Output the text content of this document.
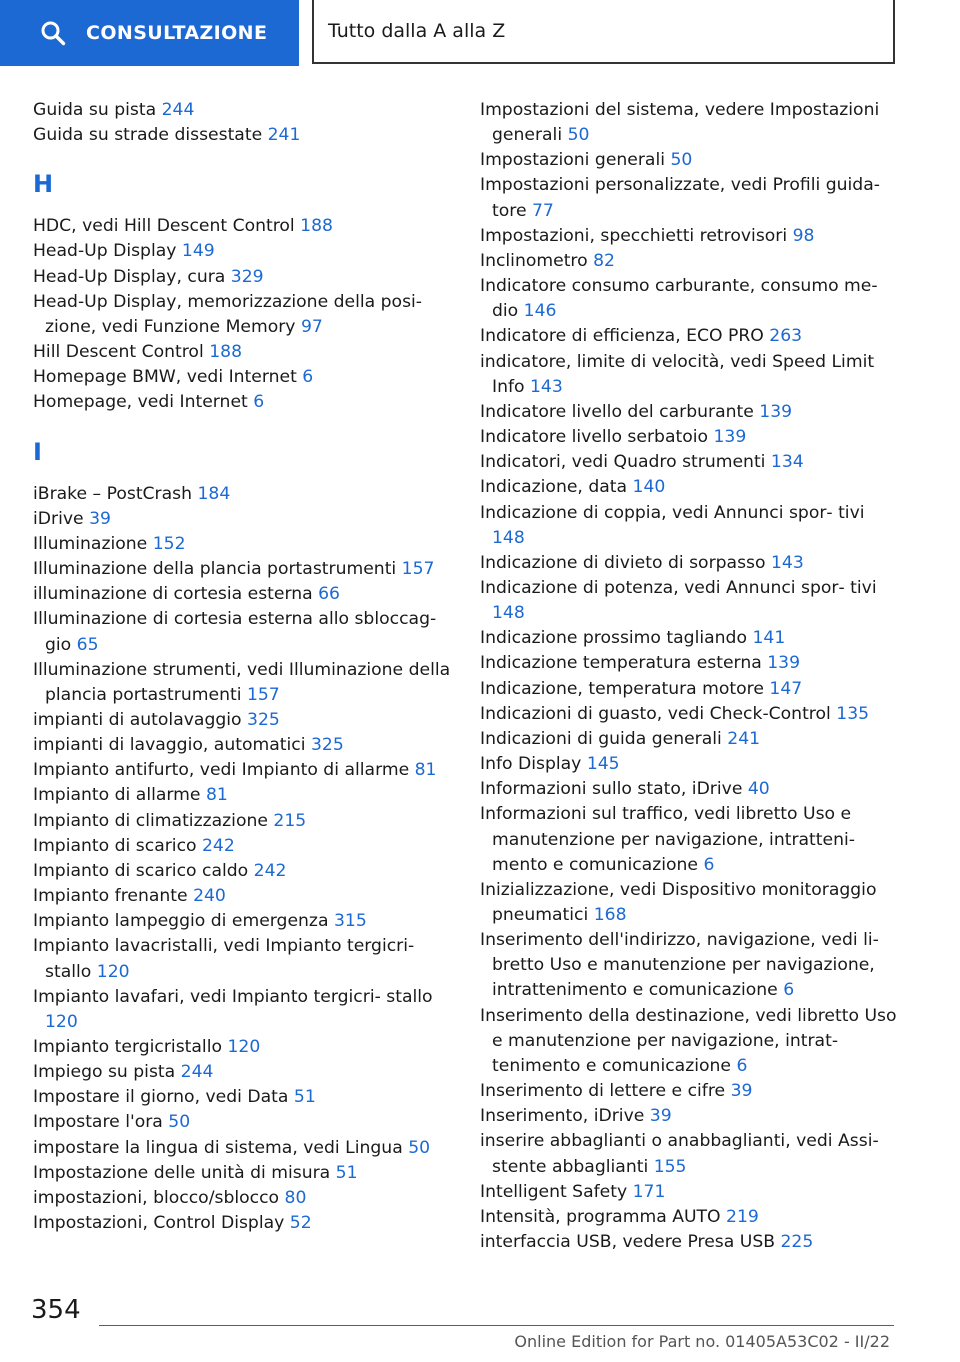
CONSULTAZIONE	Tutto dalla A alla Z
Guida su pista 244
Guida su strade dissestate 241
H
HDC, vedi Hill Descent Control 188
Head-Up Display 149
Head-Up Display, cura 329
Head-Up Display, memorizzazione della posi‐ zione, vedi Funzione Memory 97
Hill Descent Control 188
Homepage BMW, vedi Internet 6
Homepage, vedi Internet 6
I
iBrake – PostCrash 184
iDrive 39
Illuminazione 152
Illuminazione della plancia portastrumenti 157
illuminazione di cortesia esterna 66
Illuminazione di cortesia esterna allo sbloccag‐ gio 65
Illuminazione strumenti, vedi Illuminazione della plancia portastrumenti 157
impianti di autolavaggio 325
impianti di lavaggio, automatici 325
Impianto antifurto, vedi Impianto di allarme 81
Impianto di allarme 81
Impianto di climatizzazione 215
Impianto di scarico 242
Impianto di scarico caldo 242
Impianto frenante 240
Impianto lampeggio di emergenza 315
Impianto lavacristalli, vedi Impianto tergicri‐ stallo 120
Impianto lavafari, vedi Impianto tergicri‐ stallo 120
Impianto tergicristallo 120
Impiego su pista 244
Impostare il giorno, vedi Data 51
Impostare l'ora 50
impostare la lingua di sistema, vedi Lingua 50
Impostazione delle unità di misura 51
impostazioni, blocco/sblocco 80
Impostazioni, Control Display 52
Impostazioni del sistema, vedere Impostazioni generali 50
Impostazioni generali 50
Impostazioni personalizzate, vedi Profili guida‐ tore 77
Impostazioni, specchietti retrovisori 98
Inclinometro 82
Indicatore consumo carburante, consumo me‐ dio 146
Indicatore di efficienza, ECO PRO 263
indicatore, limite di velocità, vedi Speed Limit Info 143
Indicatore livello del carburante 139
Indicatore livello serbatoio 139
Indicatori, vedi Quadro strumenti 134
Indicazione, data 140
Indicazione di coppia, vedi Annunci spor‐ tivi 148
Indicazione di divieto di sorpasso 143
Indicazione di potenza, vedi Annunci spor‐ tivi 148
Indicazione prossimo tagliando 141
Indicazione temperatura esterna 139
Indicazione, temperatura motore 147
Indicazioni di guasto, vedi Check-Control 135
Indicazioni di guida generali 241
Info Display 145
Informazioni sullo stato, iDrive 40
Informazioni sul traffico, vedi libretto Uso e manutenzione per navigazione, intratteni‐ mento e comunicazione 6
Inizializzazione, vedi Dispositivo monitoraggio pneumatici 168
Inserimento dell'indirizzo, navigazione, vedi li‐ bretto Uso e manutenzione per navigazione, intrattenimento e comunicazione 6
Inserimento della destinazione, vedi libretto Uso e manutenzione per navigazione, intrat‐ tenimento e comunicazione 6
Inserimento di lettere e cifre 39
Inserimento, iDrive 39
inserire abbaglianti o anabbaglianti, vedi Assi‐ stente abbaglianti 155
Intelligent Safety 171
Intensità, programma AUTO 219
interfaccia USB, vedere Presa USB 225
354
Online Edition for Part no. 01405A53C02 - II/22
